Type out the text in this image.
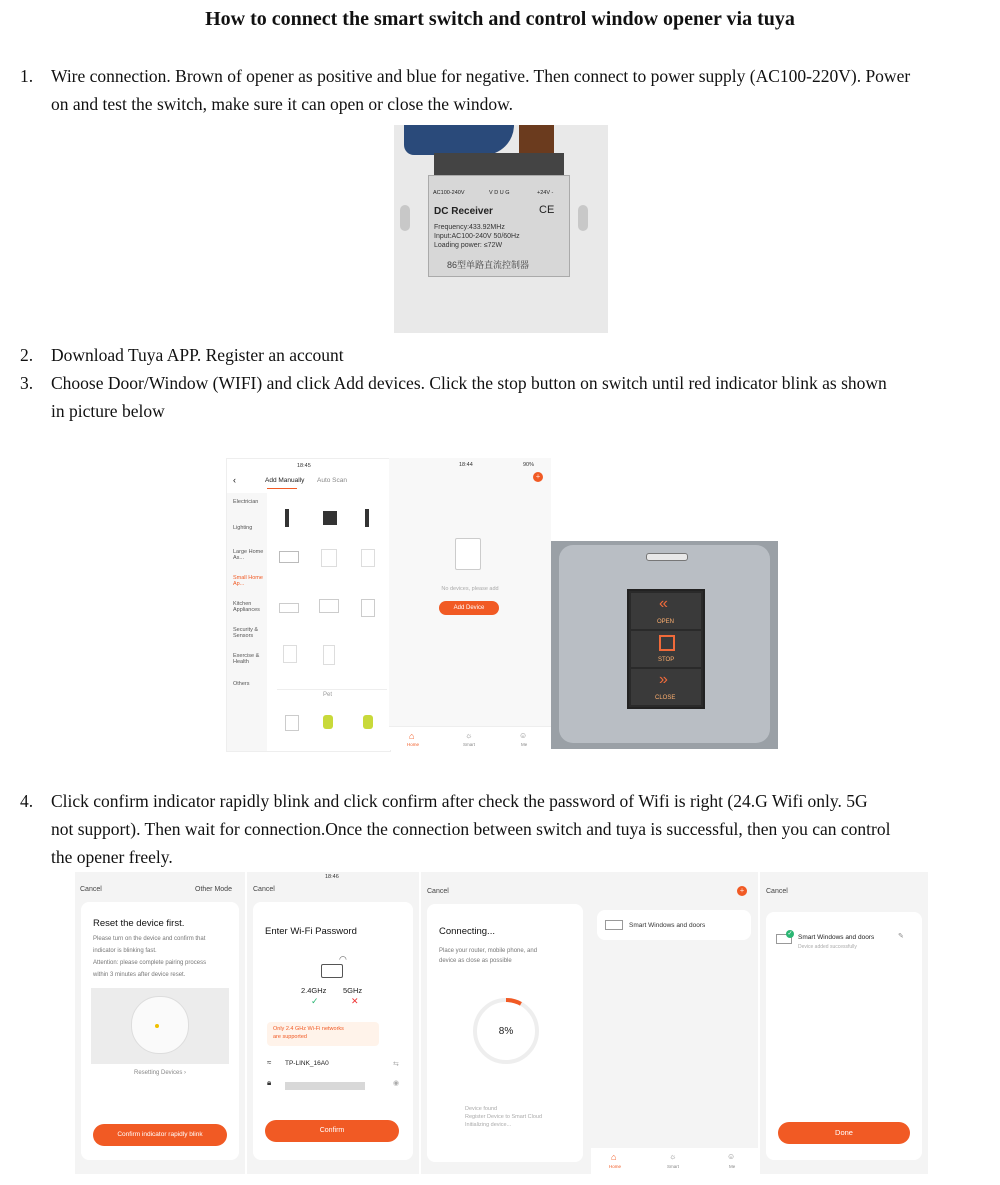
How to connect the smart switch and control window opener via tuya
1. Wire connection. Brown of opener as positive and blue for negative. Then connect to power supply (AC100-220V). Power
on and test the switch, make sure it can open or close the window.
AC100-240V	V D U G	+24V -
DC Receiver	CE
Frequency:433.92MHz
Input:AC100-240V 50/60Hz
Loading power: ≤72W
86型单路直流控制器
2. Download Tuya APP. Register an account
3. Choose Door/Window (WIFI) and click Add devices. Click the stop button on switch until red indicator blink as shown
in picture below
18:45
‹	Add Manually Auto Scan
Electrician
Lighting
Large Home As...
Small Home Ap...
Kitchen Appliances
Security & Sensors
Exercise & Health
Others
Pet
18:44	90%
+
No devices, please add
Add Device
⌂
Home
☼
Smart
☺
Me
«
OPEN
STOP
»
CLOSE
4. Click confirm indicator rapidly blink and click confirm after check the password of Wifi is right (24.G Wifi only. 5G
not support). Then wait for connection.Once the connection between switch and tuya is successful, then you can control
the opener freely.
Cancel	Other Mode
Reset the device first.
Please turn on the device and confirm that
indicator is blinking fast.
Attention: please complete pairing process
within 3 minutes after device reset.
Resetting Devices ›
Confirm indicator rapidly blink
18:46
Cancel
Enter Wi-Fi Password
◠
2.4GHz 5GHz
✓	✕
Only 2.4 GHz Wi-Fi networks
are supported
≈ TP-LINK_16A0	⇆
🔒︎	◉
Confirm
Cancel
Connecting...
Place your router, mobile phone, and
device as close as possible
8%
Device found
Register Device to Smart Cloud
Initializing device...
+
Smart Windows and doors
⌂
Home
☼
Smart
☺
Me
Cancel
✓ Smart Windows and doors	✎
Device added successfully
Done
